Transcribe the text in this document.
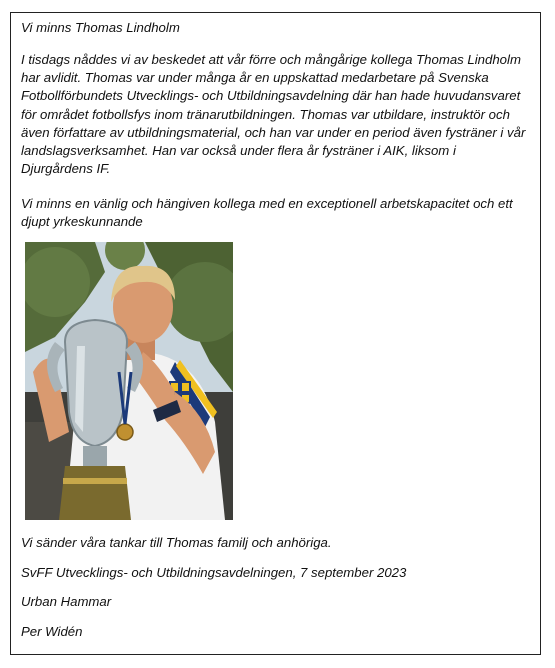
Vi minns Thomas Lindholm

I tisdags nåddes vi av beskedet att vår förre och mångårige kollega Thomas Lindholm har avlidit. Thomas var under många år en uppskattad medarbetare på Svenska Fotbollförbundets Utvecklings- och Utbildningsavdelning där han hade huvudansvaret för området fotbollsfys inom tränarutbildningen. Thomas var utbildare, instruktör och även författare av utbildningsmaterial, och han var under en period även fysträner i vår landslagsverksamhet. Han var också under flera år fysträner i AIK, liksom i Djurgårdens IF.

Vi minns en vänlig och hängiven kollega med en exceptionell arbetskapacitet och ett djupt yrkeskunnande

Vi sänder våra tankar till Thomas familj och anhöriga.

SvFF Utvecklings- och Utbildningsavdelningen, 7 september 2023

Urban Hammar

Per Widén
